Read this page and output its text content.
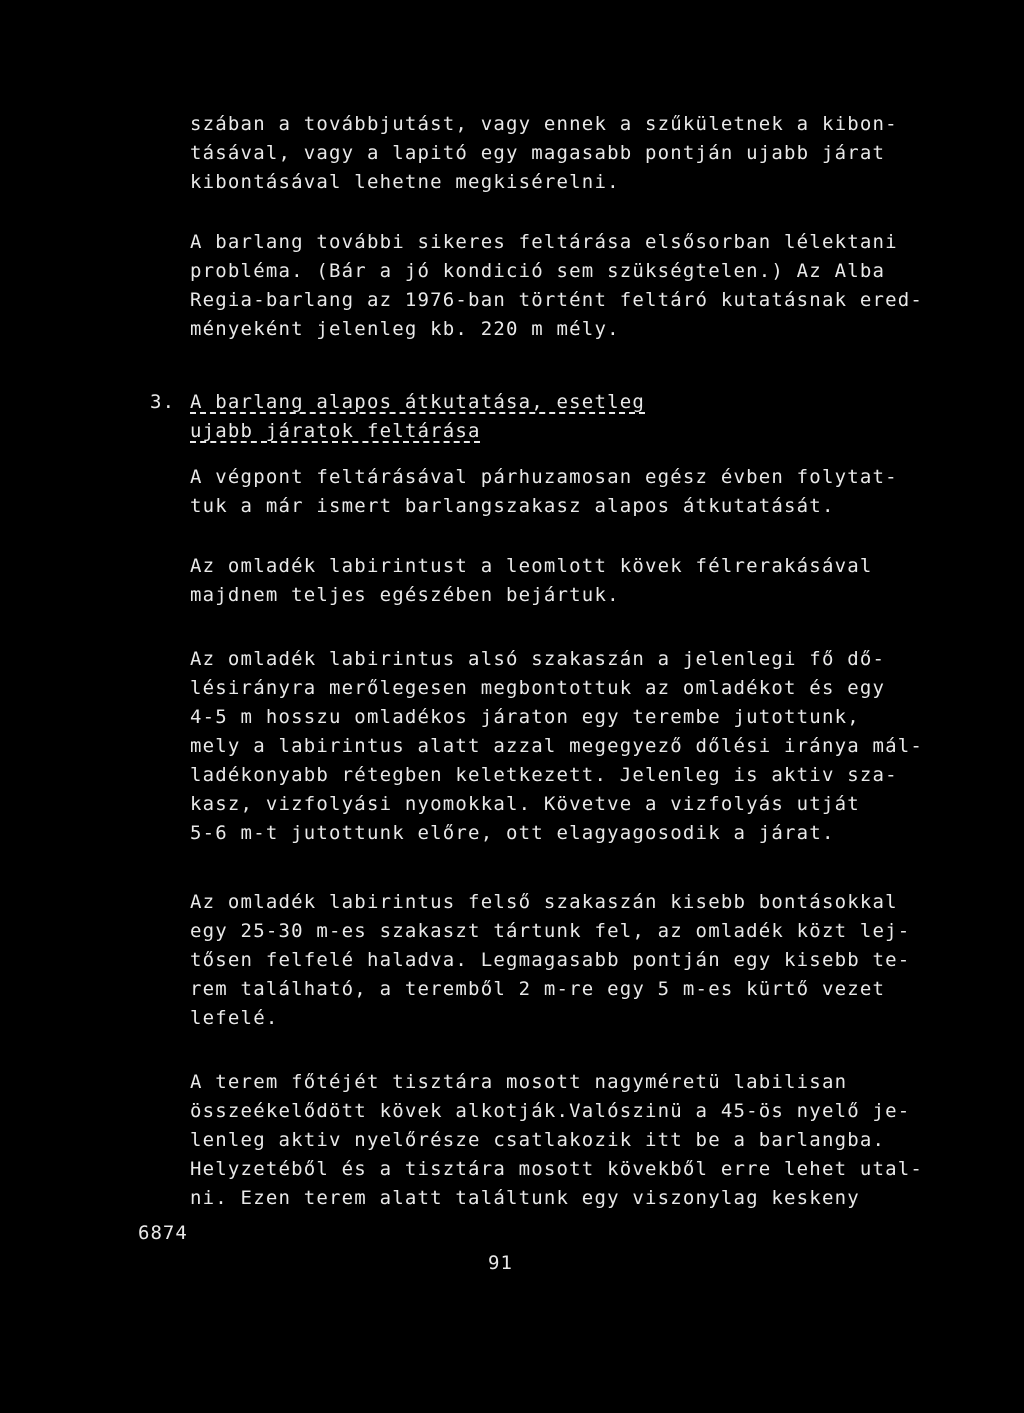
szában a továbbjutást, vagy ennek a szűkületnek a kibon-
tásával, vagy a lapitó egy magasabb pontján ujabb járat
kibontásával lehetne megkisérelni.
A barlang további sikeres feltárása elsősorban lélektani
probléma. (Bár a jó kondició sem szükségtelen.) Az Alba
Regia-barlang az 1976-ban történt feltáró kutatásnak ered-
ményeként jelenleg kb. 220 m mély.
3. A barlang alapos átkutatása, esetleg
ujabb járatok feltárása
A végpont feltárásával párhuzamosan egész évben folytat-
tuk a már ismert barlangszakasz alapos átkutatását.
Az omladék labirintust a leomlott kövek félrerakásával
majdnem teljes egészében bejártuk.
Az omladék labirintus alsó szakaszán a jelenlegi fő dő-
lésirányra merőlegesen megbontottuk az omladékot és egy
4-5 m hosszu omladékos járaton egy terembe jutottunk,
mely a labirintus alatt azzal megegyező dőlési iránya mál-
ladékonyabb rétegben keletkezett. Jelenleg is aktiv sza-
kasz, vizfolyási nyomokkal. Követve a vizfolyás utját
5-6 m-t jutottunk előre, ott elagyagosodik a járat.
Az omladék labirintus felső szakaszán kisebb bontásokkal
egy 25-30 m-es szakaszt tártunk fel, az omladék közt lej-
tősen felfelé haladva. Legmagasabb pontján egy kisebb te-
rem található, a teremből 2 m-re egy 5 m-es kürtő vezet
lefelé.
A terem főtéjét tisztára mosott nagyméretü labilisan
összeékelődött kövek alkotják.Valószinü a 45-ös nyelő je-
lenleg aktiv nyelőrésze csatlakozik itt be a barlangba.
Helyzetéből és a tisztára mosott kövekből erre lehet utal-
ni. Ezen terem alatt találtunk egy viszonylag keskeny
6874
91
